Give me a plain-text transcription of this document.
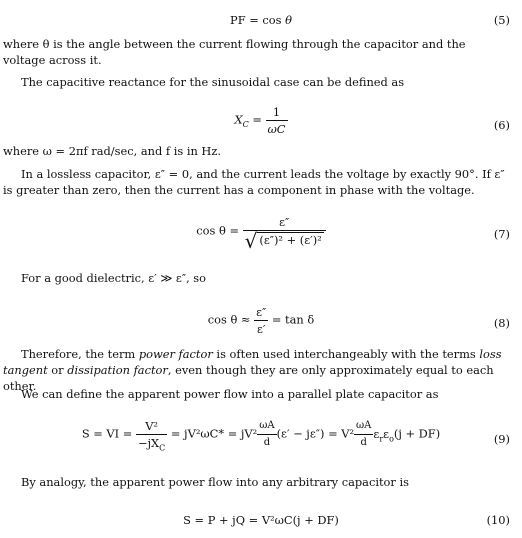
PF = cos θ	(5)

where θ is the angle between the current flowing through the capacitor and the voltage across it.

The capacitive reactance for the sinusoidal case can be defined as

$X_C = \frac{1}{\omega C}$	(6)

where ω = 2πf rad/sec, and f is in Hz.

In a lossless capacitor, ε″ = 0, and the current leads the voltage by exactly 90°. If ε″ is greater than zero, then the current has a component in phase with the voltage.

$\cos \theta = \frac{\varepsilon''}{\text{√ (ε″)² + (ε′)²}}$	(7)

For a good dielectric, ε′ ≫ ε″, so

$\cos \theta \approx \frac{\varepsilon''}{\varepsilon'} = \tan \delta$	(8)

Therefore, the term power factor is often used interchangeably with the terms loss tangent or dissipation factor, even though they are only approximately equal to each other.

We can define the apparent power flow into a parallel plate capacitor as

S = VI = $\frac{\text{V²}}{-jX_C} = jV^2\omega C* = jV^2 \frac{\omega A}{d} (\varepsilon' - j\varepsilon'') = V^2 \frac{\omega A}{d} \varepsilon_r\varepsilon_o(j + DF)$	(9)

By analogy, the apparent power flow into any arbitrary capacitor is

S = P + jQ = V²ωC(j + DF)	(10)
